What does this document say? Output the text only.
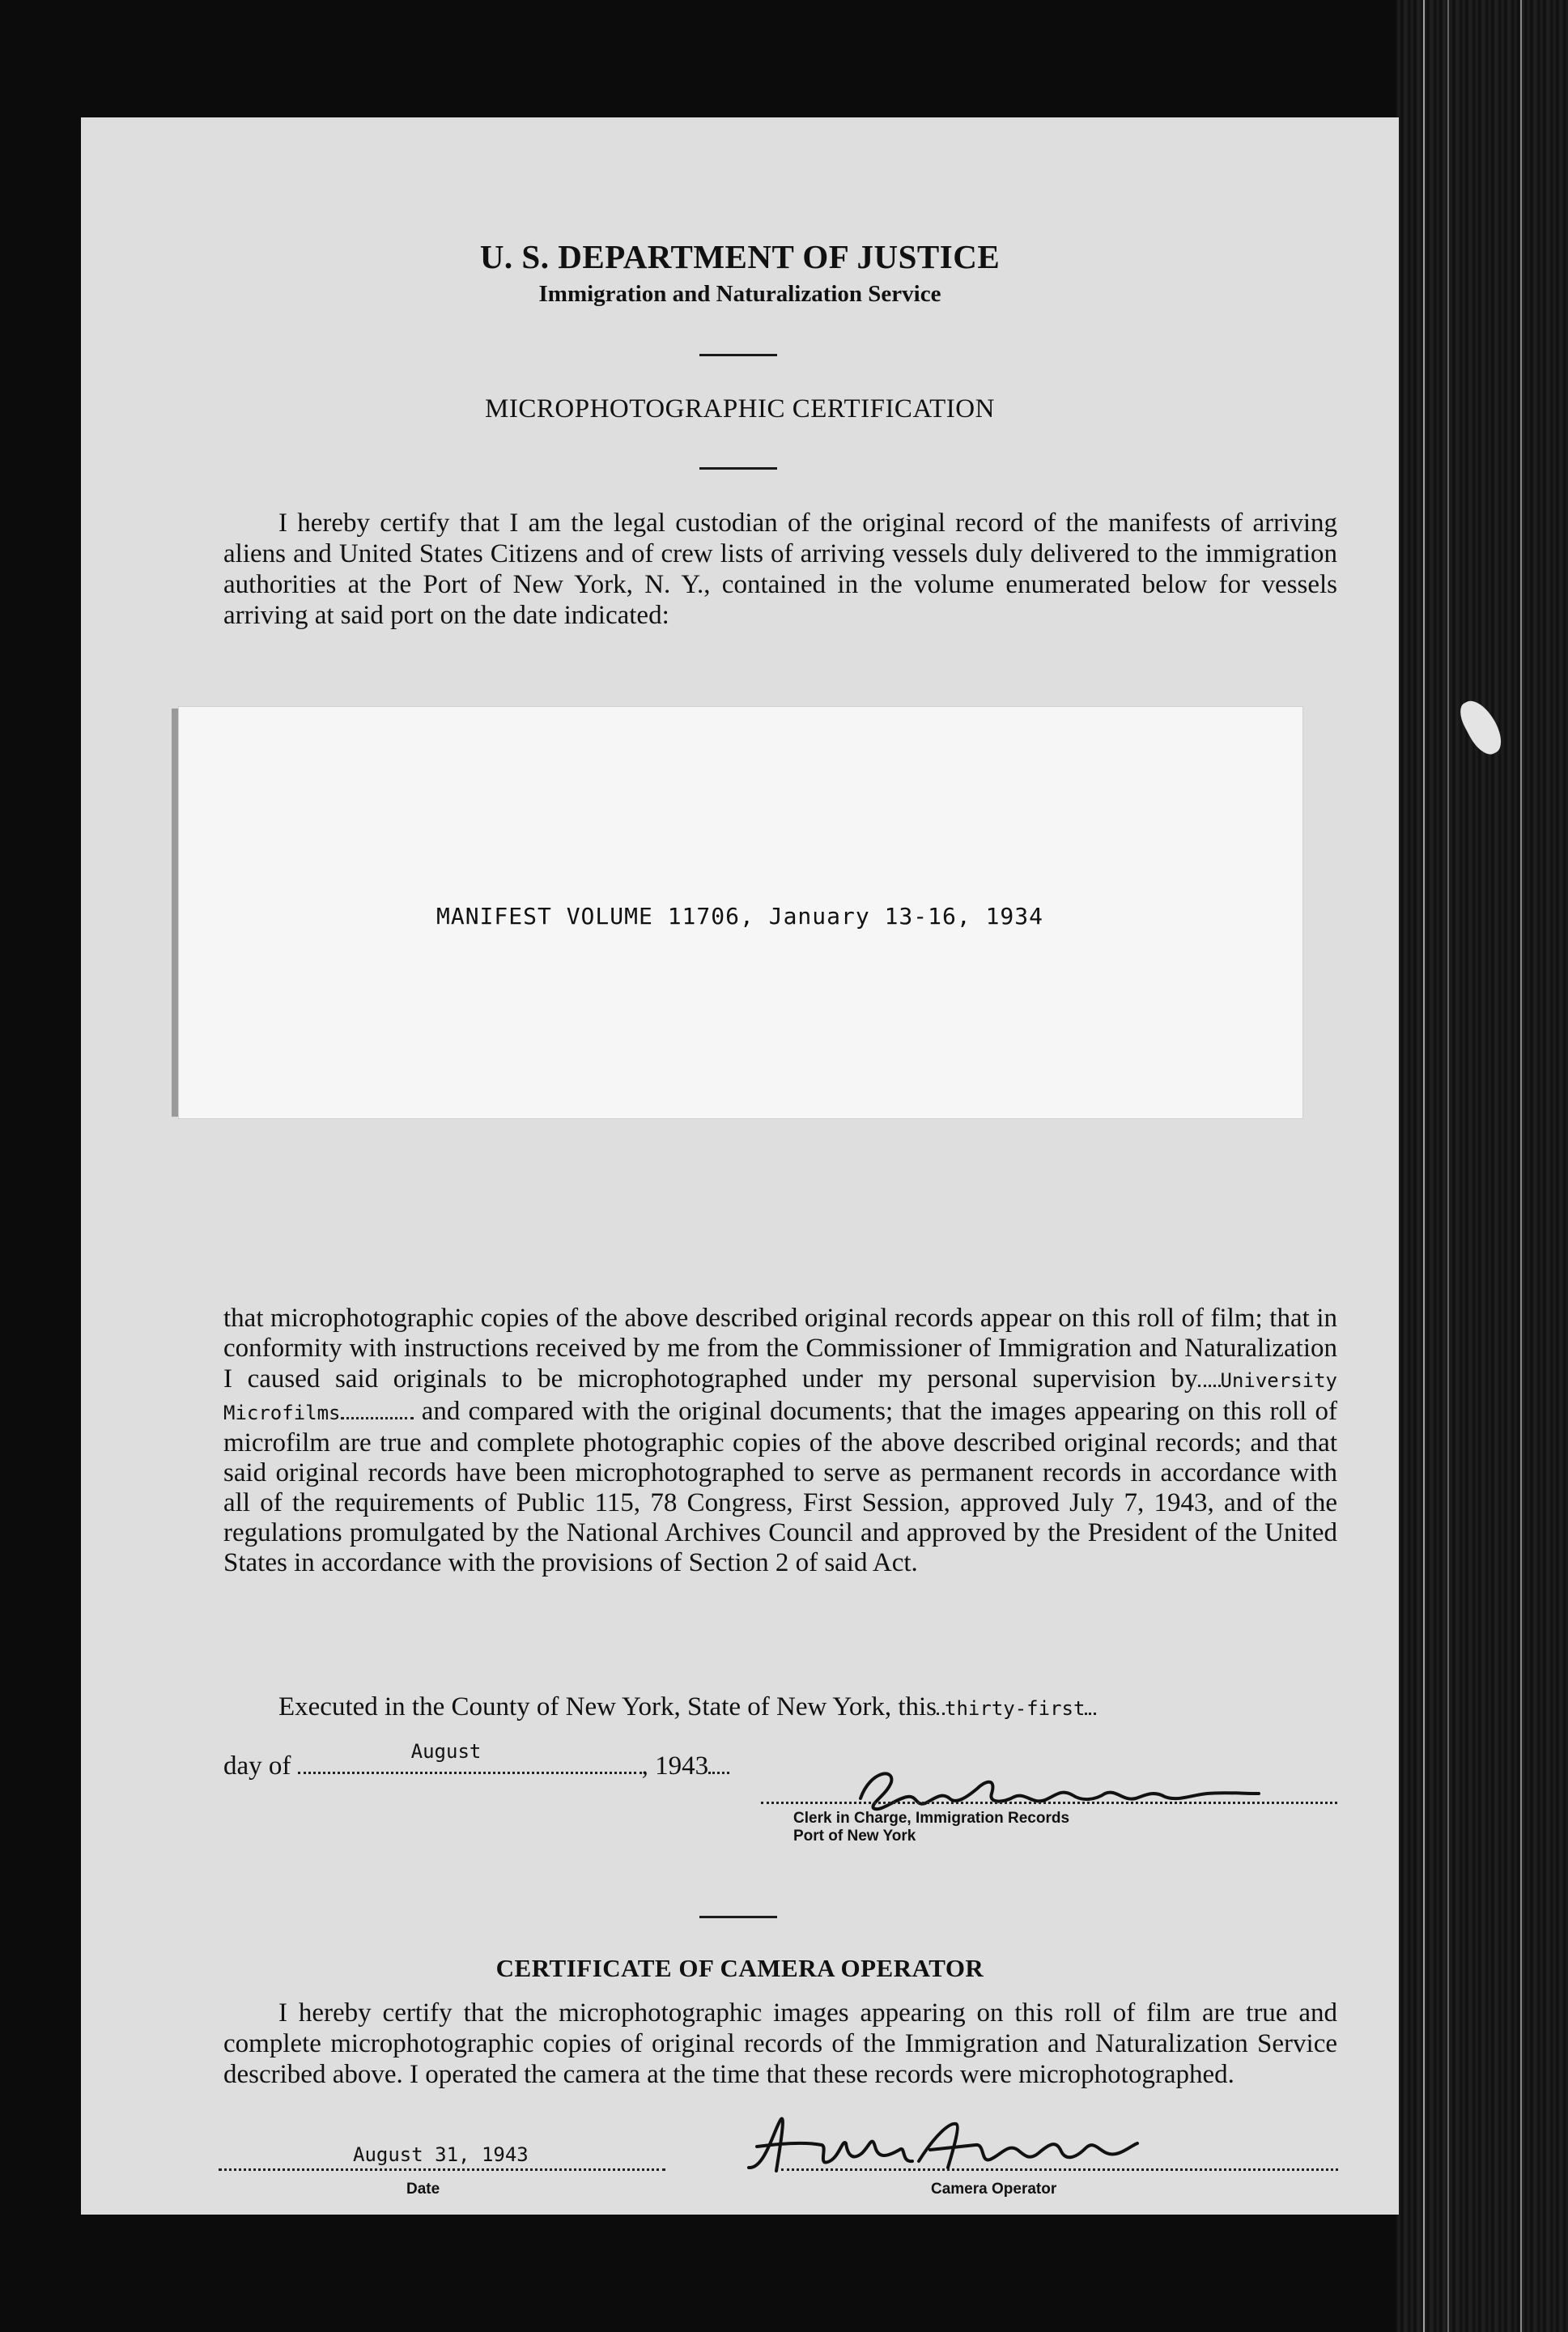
U. S. DEPARTMENT OF JUSTICE
Immigration and Naturalization Service
MICROPHOTOGRAPHIC CERTIFICATION

I hereby certify that I am the legal custodian of the original record of the manifests of arriving aliens and United States Citizens and of crew lists of arriving vessels duly delivered to the immigration authorities at the Port of New York, N. Y., contained in the volume enumerated below for vessels arriving at said port on the date indicated:

MANIFEST VOLUME 11706, January 13-16, 1934

that microphotographic copies of the above described original records appear on this roll of film; that in conformity with instructions received by me from the Commissioner of Immigration and Naturalization I caused said originals to be microphotographed under my personal supervision by University Microfilms	and compared with the original documents; that the images appearing on this roll of microfilm are true and complete photographic copies of the above described original records; and that said original records have been microphotographed to serve as permanent records in accordance with all of the requirements of Public 115, 78 Congress, First Session, approved July 7, 1943, and of the regulations promulgated by the National Archives Council and approved by the President of the United States in accordance with the provisions of Section 2 of said Act.

Executed in the County of New York, State of New York, this thirty-first

day of	August	, 1943
Clerk in Charge, Immigration Records
Port of New York
CERTIFICATE OF CAMERA OPERATOR

I hereby certify that the microphotographic images appearing on this roll of film are true and complete microphotographic copies of original records of the Immigration and Naturalization Service described above. I operated the camera at the time that these records were microphotographed.

August 31, 1943
Date	Camera Operator
